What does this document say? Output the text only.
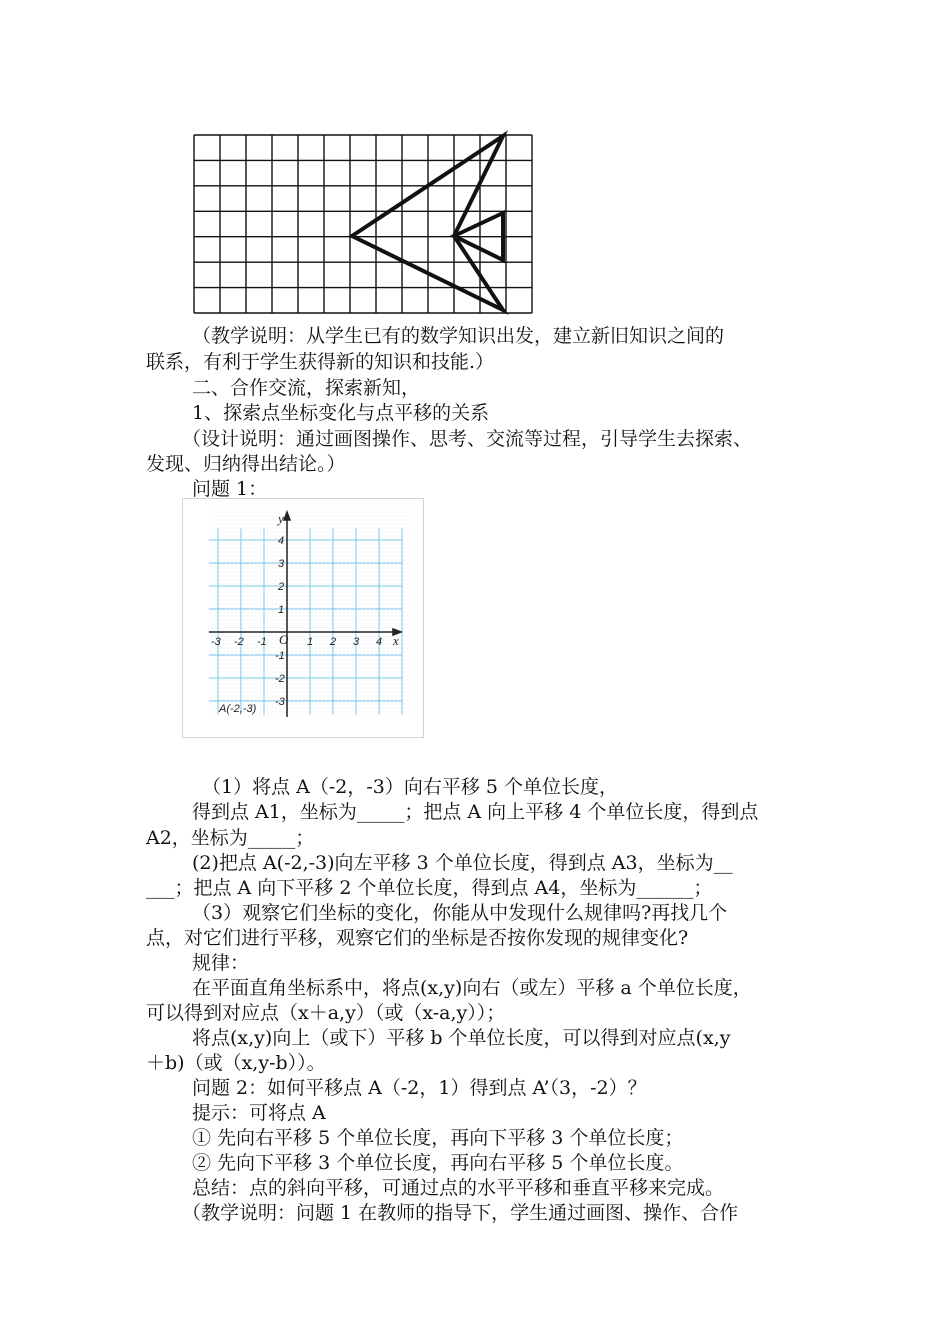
y
x
O
-3 -2 -1	1 2 3 4
4
3
2
1
-1
-2
-3
A(-2,-3)
（教学说明：从学生已有的数学知识出发，建立新旧知识之间的
联系，有利于学生获得新的知识和技能.）
二、合作交流，探索新知，
1、探索点坐标变化与点平移的关系
（设计说明：通过画图操作、思考、交流等过程，引导学生去探索、
发现、归纳得出结论。）
问题 1：
（1）将点 A（-2，-3）向右平移 5 个单位长度，
得到点 A1，坐标为_____；把点 A 向上平移 4 个单位长度，得到点
A2，坐标为_____；
(2)把点 A(-2,-3)向左平移 3 个单位长度，得到点 A3，坐标为__
___；把点 A 向下平移 2 个单位长度，得到点 A4，坐标为______；
（3）观察它们坐标的变化，你能从中发现什么规律吗?再找几个
点，对它们进行平移，观察它们的坐标是否按你发现的规律变化?
规律：
在平面直角坐标系中，将点(x,y)向右（或左）平移 a 个单位长度，
可以得到对应点（x＋a,y）（或（x-a,y））；
将点(x,y)向上（或下）平移 b 个单位长度，可以得到对应点(x,y
＋b)（或（x,y-b））。
问题 2：如何平移点 A（-2，1）得到点 A’（3，-2）？
提示：可将点 A
① 先向右平移 5 个单位长度，再向下平移 3 个单位长度；
② 先向下平移 3 个单位长度，再向右平移 5 个单位长度。
总结：点的斜向平移，可通过点的水平平移和垂直平移来完成。
（教学说明：问题 1 在教师的指导下，学生通过画图、操作、合作
